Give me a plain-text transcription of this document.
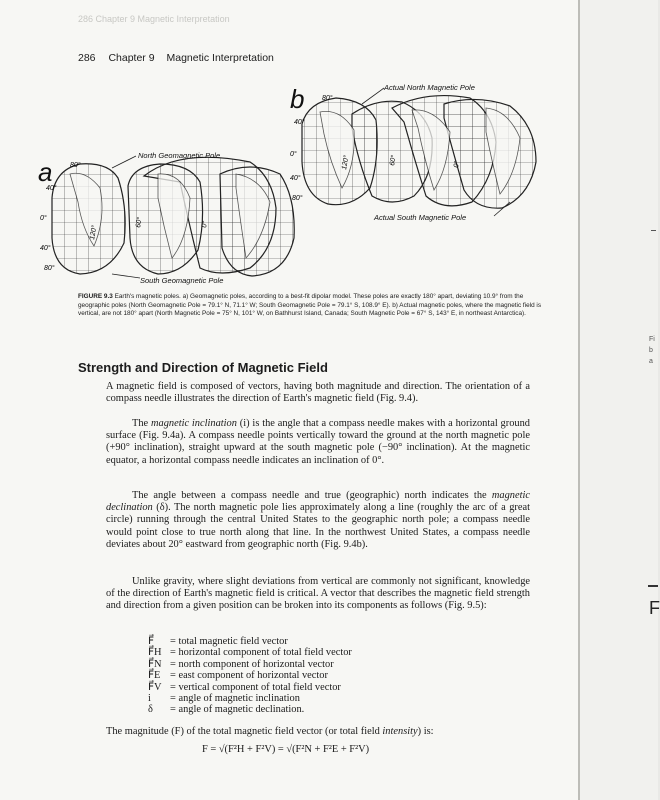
286 Chapter 9 Magnetic Interpretation
286 Chapter 9 Magnetic Interpretation
a
North Geomagnetic Pole
South Geomagnetic Pole
80°
40°
0°
40°
80°
120°
60°	0°
b	Actual North Magnetic Pole
Actual South Magnetic Pole
80°
40°
0°
40°
80°
120°	60°	0°
FIGURE 9.3 Earth's magnetic poles. a) Geomagnetic poles, according to a best-fit dipolar model. These poles are exactly 180° apart, deviating 10.9° from the geographic poles (North Geomagnetic Pole = 79.1° N, 71.1° W; South Geomagnetic Pole = 79.1° S, 108.9° E). b) Actual magnetic poles, where the magnetic field is vertical, are not 180° apart (North Magnetic Pole = 75° N, 101° W, on Bathhurst Island, Canada; South Magnetic Pole = 67° S, 143° E, in northeast Antarctica).
Strength and Direction of Magnetic Field
A magnetic field is composed of vectors, having both magnitude and direction. The orientation of a compass needle illustrates the direction of Earth's magnetic field (Fig. 9.4).
The magnetic inclination (i) is the angle that a compass needle makes with a horizontal ground surface (Fig. 9.4a). A compass needle points vertically toward the ground at the north magnetic pole (+90° inclination), straight upward at the south magnetic pole (−90° inclination). At the magnetic equator, a horizontal compass needle indicates an inclination of 0°.
The angle between a compass needle and true (geographic) north indicates the magnetic declination (δ). The north magnetic pole lies approximately along a line (roughly the arc of a great circle) running through the central United States to the geographic north pole; a compass needle would point close to true north along that line. In the northwest United States, a compass needle deviates about 20° eastward from geographic north (Fig. 9.4b).
Unlike gravity, where slight deviations from vertical are commonly not significant, knowledge of the direction of Earth's magnetic field is critical. A vector that describes the magnetic field strength and direction from a given position can be broken into its components as follows (Fig. 9.5):
F⃗ = total magnetic field vector
F⃗H = horizontal component of total field vector
F⃗N = north component of horizontal vector
F⃗E = east component of horizontal vector
F⃗V = vertical component of total field vector
i = angle of magnetic inclination
δ = angle of magnetic declination.
The magnitude (F) of the total magnetic field vector (or total field intensity) is:
F = √(F²H + F²V) = √(F²N + F²E + F²V)
Fi
b
a
F
